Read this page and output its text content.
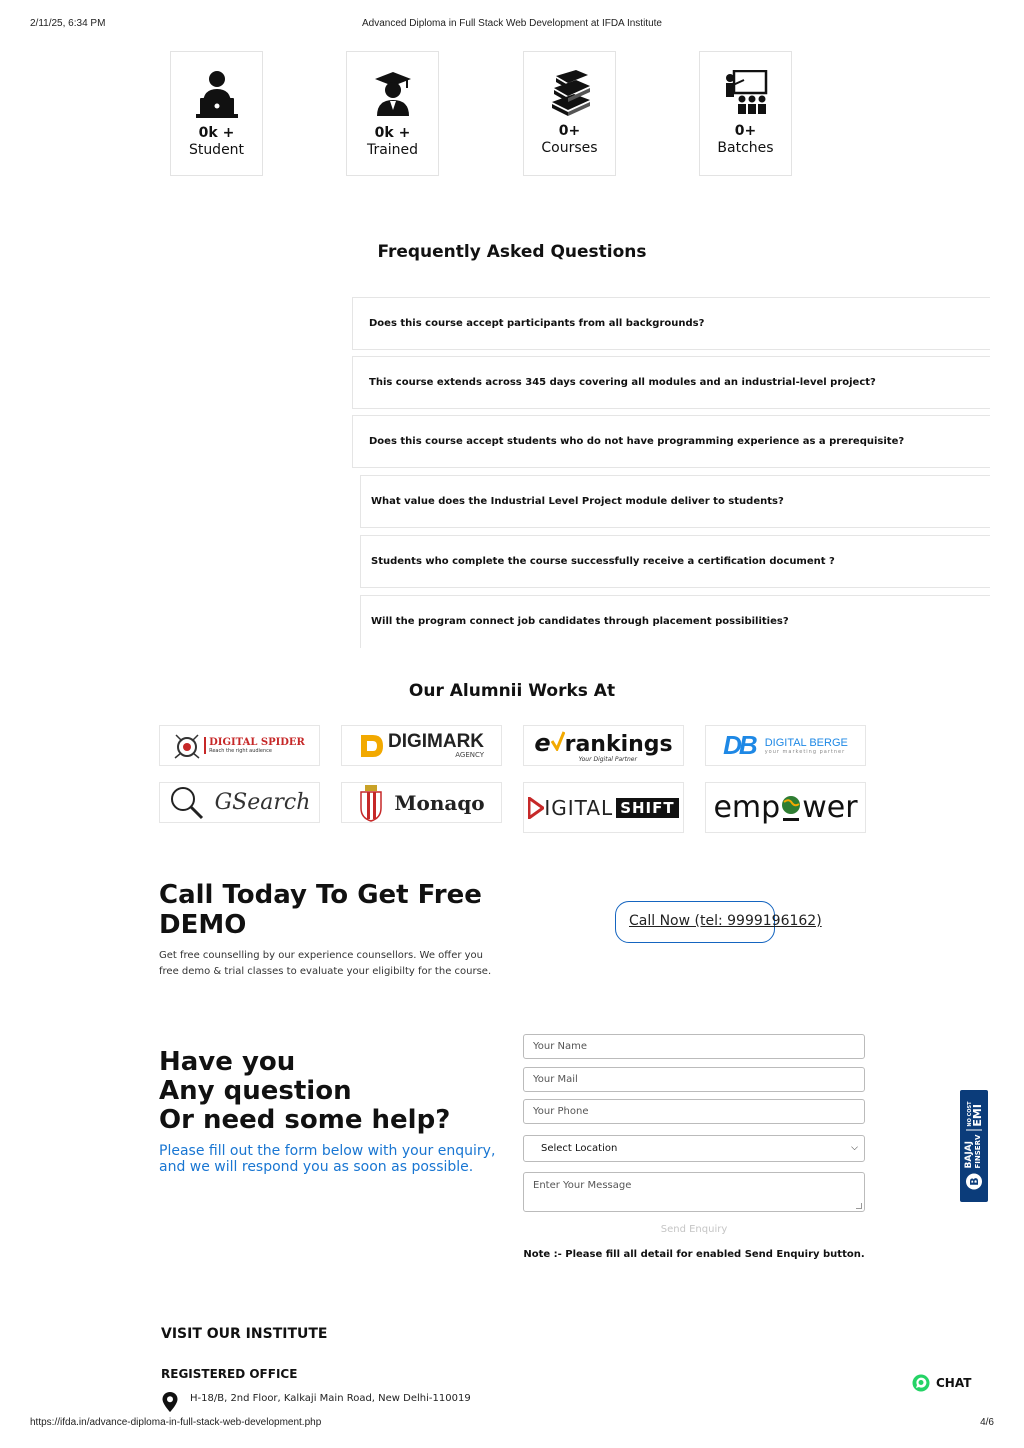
2/11/25, 6:34 PM	Advanced Diploma in Full Stack Web Development at IFDA Institute
0k +
Student
0k +
Trained
0+
Courses
0+
Batches
Frequently Asked Questions
Does this course accept participants from all backgrounds?
This course extends across 345 days covering all modules and an industrial-level project?
Does this course accept students who do not have programming experience as a prerequisite?
What value does the Industrial Level Project module deliver to students?
Students who complete the course successfully receive a certification document ?
Will the program connect job candidates through placement possibilities?
Our Alumnii Works At
DIGITAL SPIDER
Reach the right audience	DIGIMARK
AGENCY e rankings
Your Digital Partner	DB DIGITAL BERGE
your marketing partner
GSearch	Monaqo	IGITAL SHIFT emp wer
Call Today To Get Free
DEMO
Get free counselling by our experience counsellors. We offer you free demo & trial classes to evaluate your eligibilty for the course.
Call Now (tel: 9999196162)
Have you
Any question
Or need some help?
Please fill out the form below with your enquiry, and we will respond you as soon as possible.
Your Name
Your Mail
Your Phone
Select Location	⌵
Enter Your Message
Send Enquiry
Note :- Please fill all detail for enabled Send Enquiry button.
VISIT OUR INSTITUTE
REGISTERED OFFICE
H-18/B, 2nd Floor, Kalkaji Main Road, New Delhi-110019
B
BAJAJ FINSERV
NO COST
EMI
CHAT
https://ifda.in/advance-diploma-in-full-stack-web-development.php	4/6
